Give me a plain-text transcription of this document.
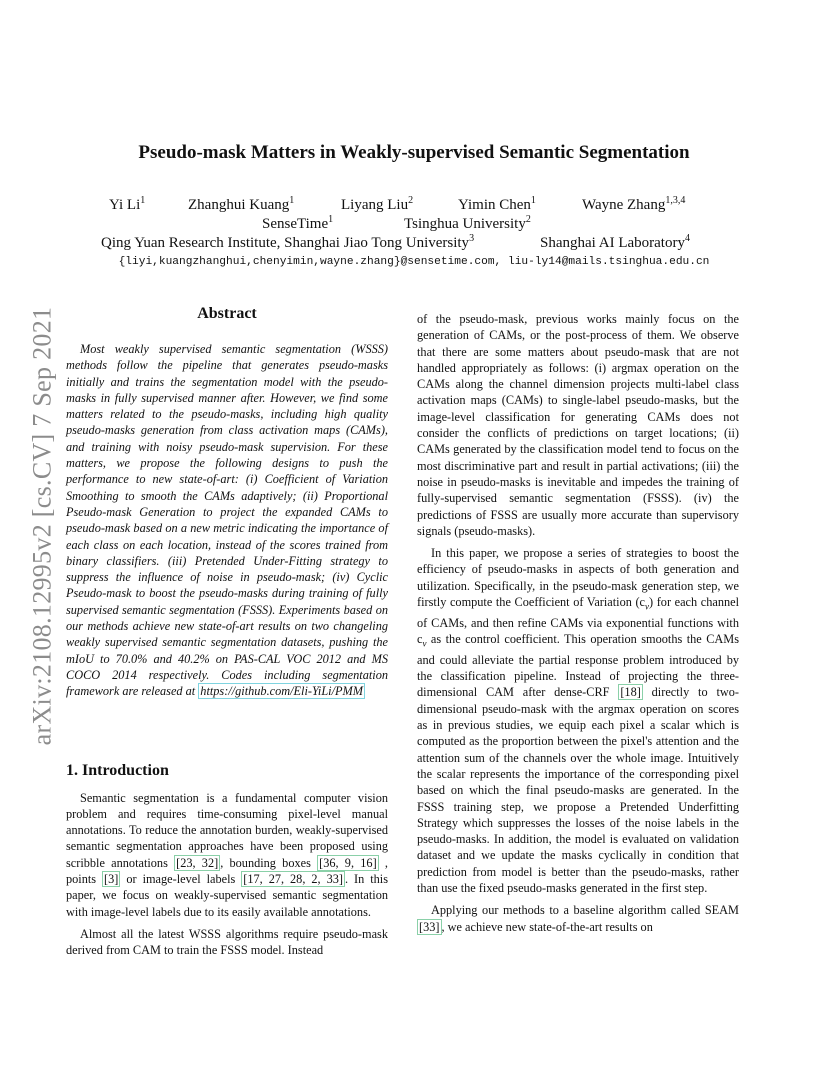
arXiv:2108.12995v2 [cs.CV] 7 Sep 2021
Pseudo-mask Matters in Weakly-supervised Semantic Segmentation
Yi Li$^1$	Zhanghui Kuang$^1$	Liyang Liu$^2$	Yimin Chen$^1$	Wayne Zhang$^{1,3,4}$
SenseTime$^1$	Tsinghua University$^2$
Qing Yuan Research Institute, Shanghai Jiao Tong University$^3$	Shanghai AI Laboratory$^4$
{liyi,kuangzhanghui,chenyimin,wayne.zhang}@sensetime.com, liu-ly14@mails.tsinghua.edu.cn
Abstract

Most weakly supervised semantic segmentation (WSSS) methods follow the pipeline that generates pseudo-masks initially and trains the segmentation model with the pseudo-masks in fully supervised manner after. However, we find some matters related to the pseudo-masks, including high quality pseudo-masks generation from class activation maps (CAMs), and training with noisy pseudo-mask supervision. For these matters, we propose the following designs to push the performance to new state-of-art: (i) Coefficient of Variation Smoothing to smooth the CAMs adaptively; (ii) Proportional Pseudo-mask Generation to project the expanded CAMs to pseudo-mask based on a new metric indicating the importance of each class on each location, instead of the scores trained from binary classifiers. (iii) Pretended Under-Fitting strategy to suppress the influence of noise in pseudo-mask; (iv) Cyclic Pseudo-mask to boost the pseudo-masks during training of fully supervised semantic segmentation (FSSS). Experiments based on our methods achieve new state-of-art results on two changeling weakly supervised semantic segmentation datasets, pushing the mIoU to 70.0% and 40.2% on PAS-CAL VOC 2012 and MS COCO 2014 respectively. Codes including segmentation framework are released at https://github.com/Eli-YiLi/PMM

1. Introduction

Semantic segmentation is a fundamental computer vision problem and requires time-consuming pixel-level manual annotations. To reduce the annotation burden, weakly-supervised semantic segmentation approaches have been proposed using scribble annotations [23, 32] , bounding boxes [36, 9, 16] , points [3] or image-level labels [17, 27, 28, 2, 33] . In this paper, we focus on weakly-supervised semantic segmentation with image-level labels due to its easily available annotations.

Almost all the latest WSSS algorithms require pseudo-mask derived from CAM to train the FSSS model. Instead

of the pseudo-mask, previous works mainly focus on the generation of CAMs, or the post-process of them. We observe that there are some matters about pseudo-mask that are not handled appropriately as follows: (i) argmax operation on the CAMs along the channel dimension projects multi-label class activation maps (CAMs) to single-label pseudo-masks, but the image-level classification for generating CAMs does not consider the conflicts of predictions on target locations; (ii) CAMs generated by the classification model tend to focus on the most discriminative part and result in partial activations; (iii) the noise in pseudo-masks is inevitable and impedes the training of fully-supervised semantic segmentation (FSSS). (iv) the predictions of FSSS are usually more accurate than supervisory signals (pseudo-masks).

In this paper, we propose a series of strategies to boost the efficiency of pseudo-masks in aspects of both generation and utilization. Specifically, in the pseudo-mask generation step, we firstly compute the Coefficient of Variation $(c_v)$ for each channel of CAMs, and then refine CAMs via exponential functions with $c_v$ as the control coefficient. This operation smooths the CAMs and could alleviate the partial response problem introduced by the classification pipeline. Instead of projecting the three-dimensional CAM after dense-CRF [18] directly to two-dimensional pseudo-mask with the argmax operation on scores as in previous studies, we equip each pixel a scalar which is computed as the proportion between the pixel's attention and the attention sum of the channels over the whole image. Intuitively the scalar represents the importance of the corresponding pixel based on which the final pseudo-masks are generated. In the FSSS training step, we propose a Pretended Underfitting Strategy which suppresses the losses of the noise labels in the pseudo-masks. In addition, the model is evaluated on validation dataset and we update the masks cyclically in condition that prediction from model is better than the pseudo-masks, rather than use the fixed pseudo-masks generated in the first step.

Applying our methods to a baseline algorithm called SEAM [33] , we achieve new state-of-the-art results on
